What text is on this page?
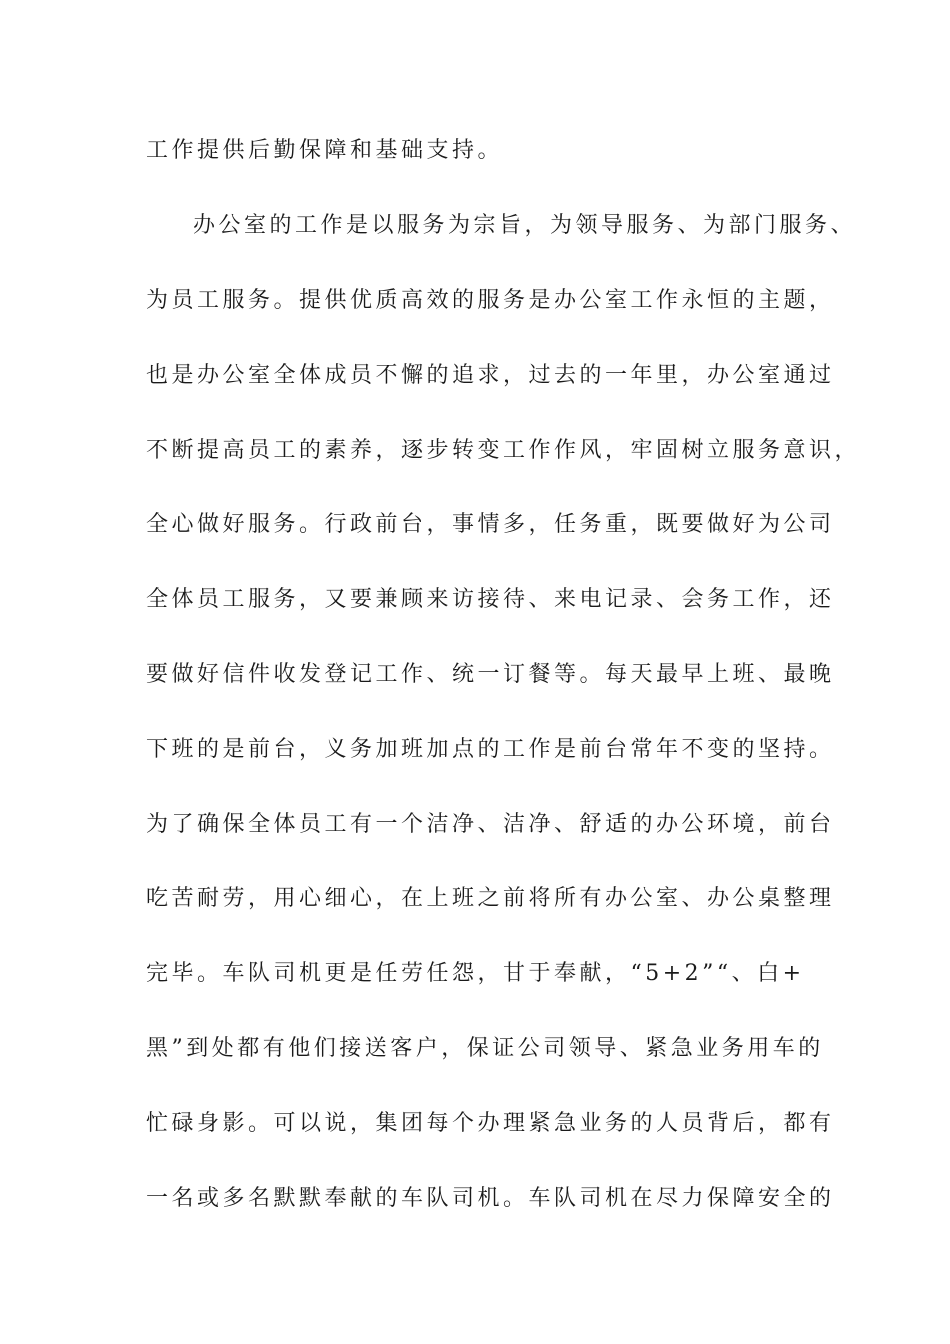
工作提供后勤保障和基础支持。
办公室的工作是以服务为宗旨，为领导服务、为部门服务、
为员工服务。提供优质高效的服务是办公室工作永恒的主题，
也是办公室全体成员不懈的追求，过去的一年里，办公室通过
不断提高员工的素养，逐步转变工作作风，牢固树立服务意识，
全心做好服务。行政前台，事情多，任务重，既要做好为公司
全体员工服务，又要兼顾来访接待、来电记录、会务工作，还
要做好信件收发登记工作、统一订餐等。每天最早上班、最晚
下班的是前台，义务加班加点的工作是前台常年不变的坚持。
为了确保全体员工有一个洁净、洁净、舒适的办公环境，前台
吃苦耐劳，用心细心，在上班之前将所有办公室、办公桌整理
完毕。车队司机更是任劳任怨，甘于奉献，“5+2”“、白+
黑”到处都有他们接送客户，保证公司领导、紧急业务用车的
忙碌身影。可以说，集团每个办理紧急业务的人员背后，都有
一名或多名默默奉献的车队司机。车队司机在尽力保障安全的
